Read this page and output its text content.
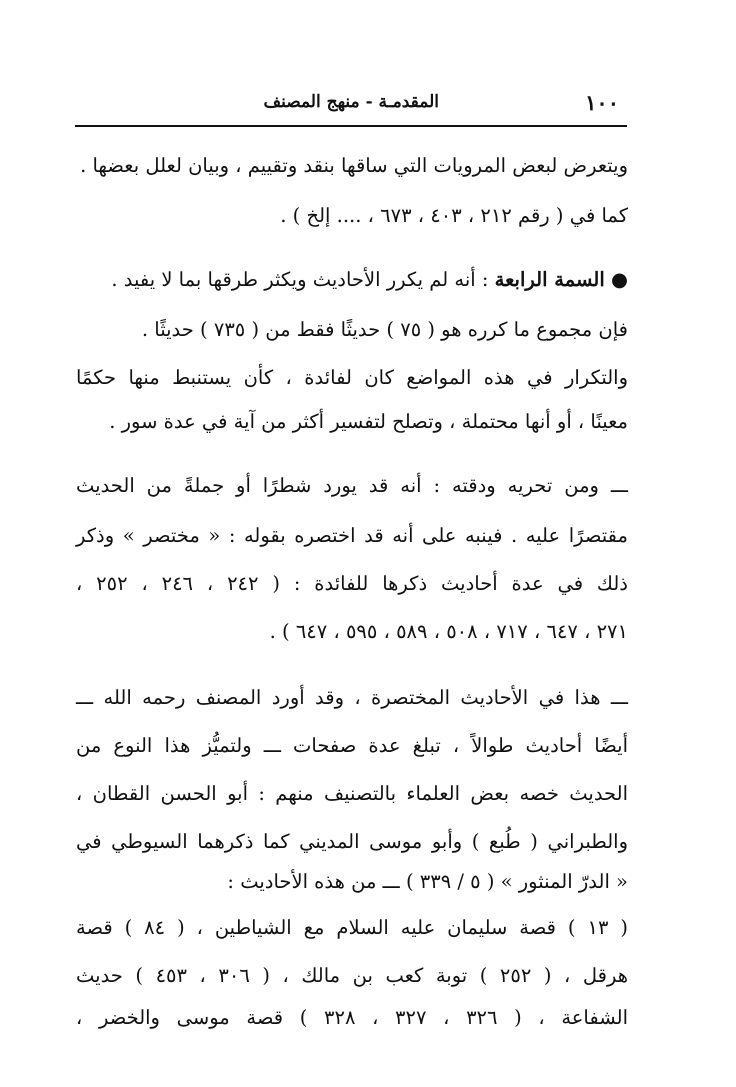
١٠٠
المقدمـة - منهج المصنف
ويتعرض لبعض المرويات التي ساقها بنقد وتقييم ، وبيان لعلل بعضها .
كما في ( رقم ٢١٢ ، ٤٠٣ ، ٦٧٣ ، .... إلخ ) .
● السمة الرابعة : أنه لم يكرر الأحاديث ويكثر طرقها بما لا يفيد .
فإن مجموع ما كرره هو ( ٧٥ ) حديثًا فقط من ( ٧٣٥ ) حديثًا .
والتكرار في هذه المواضع كان لفائدة ، كأن يستنبط منها حكمًا
معينًا ، أو أنها محتملة ، وتصلح لتفسير أكثر من آية في عدة سور .
ـــ ومن تحريه ودقته : أنه قد يورد شطرًا أو جملةً من الحديث
مقتصرًا عليه . فينبه على أنه قد اختصره بقوله : « مختصر » وذكر
ذلك في عدة أحاديث ذكرها للفائدة : ( ٢٤٢ ، ٢٤٦ ، ٢٥٢ ،
٢٧١ ، ٦٤٧ ، ٧١٧ ، ٥٠٨ ، ٥٨٩ ، ٥٩٥ ، ٦٤٧ ) .
ـــ هذا في الأحاديث المختصرة ، وقد أورد المصنف رحمه الله ـــ
أيضًا أحاديث طوالاً ، تبلغ عدة صفحات ـــ ولتميُّز هذا النوع من
الحديث خصه بعض العلماء بالتصنيف منهم : أبو الحسن القطان ،
والطبراني ( طُبع ) وأبو موسى المديني كما ذكرهما السيوطي في
« الدرّ المنثور » ( ٥ / ٣٣٩ ) ـــ من هذه الأحاديث :
( ١٣ ) قصة سليمان عليه السلام مع الشياطين ، ( ٨٤ ) قصة
هرقل ، ( ٢٥٢ ) توبة كعب بن مالك ، ( ٣٠٦ ، ٤٥٣ ) حديث
الشفاعة ، ( ٣٢٦ ، ٣٢٧ ، ٣٢٨ ) قصة موسى والخضر ،
